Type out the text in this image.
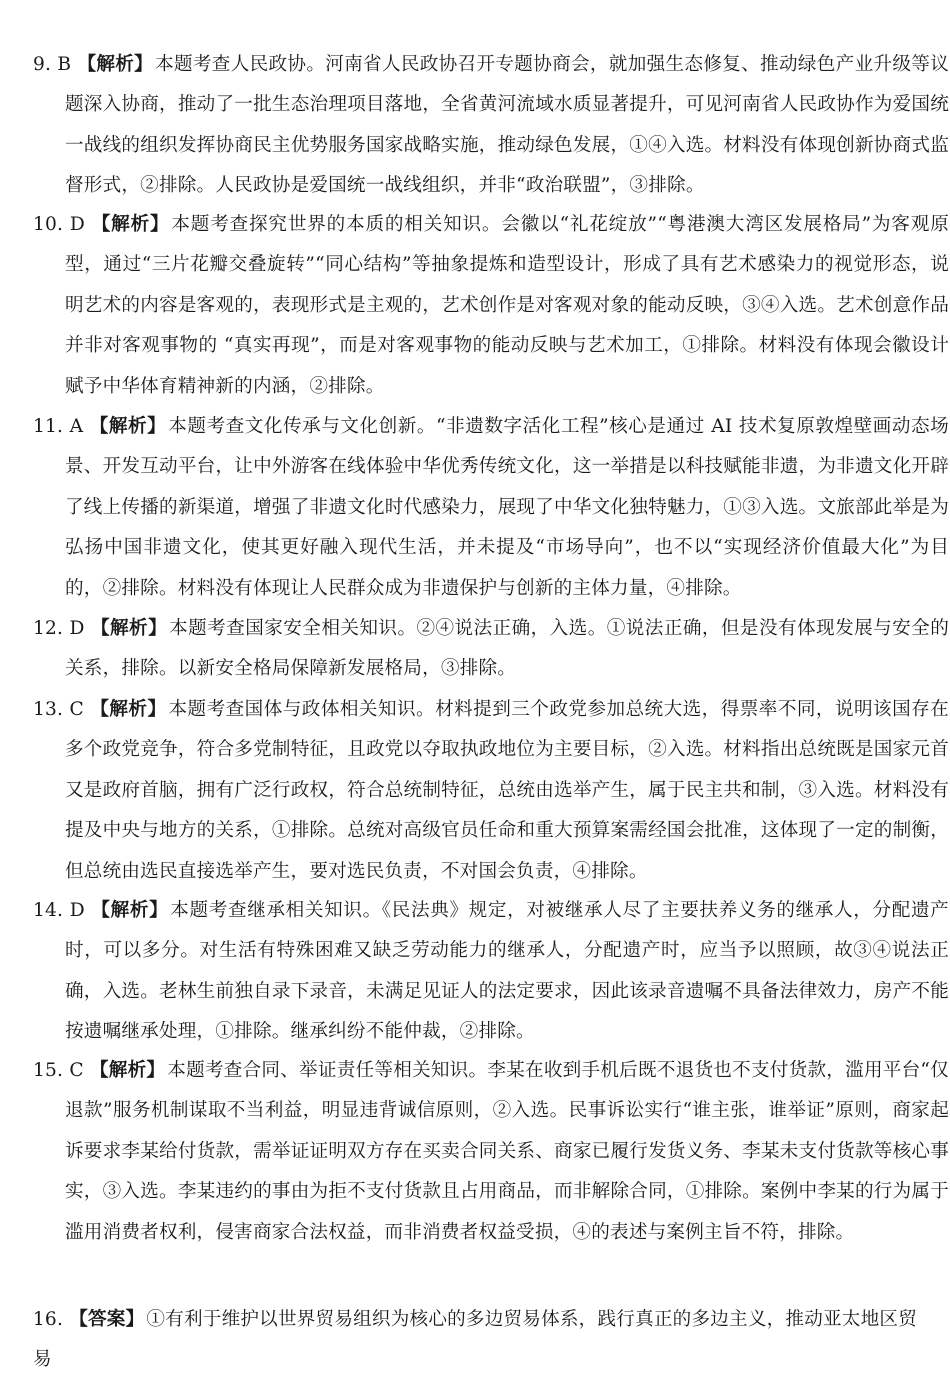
9. B 【解析】 本题考查人民政协。河南省人民政协召开专题协商会，就加强生态修复、推动绿色产业升级等议题深入协商，推动了一批生态治理项目落地，全省黄河流域水质显著提升，可见河南省人民政协作为爱国统一战线的组织发挥协商民主优势服务国家战略实施，推动绿色发展，①④入选。材料没有体现创新协商式监督形式，②排除。人民政协是爱国统一战线组织，并非“政治联盟”，③排除。
10. D 【解析】 本题考查探究世界的本质的相关知识。会徽以“礼花绽放”“粤港澳大湾区发展格局”为客观原型，通过“三片花瓣交叠旋转”“同心结构”等抽象提炼和造型设计，形成了具有艺术感染力的视觉形态，说明艺术的内容是客观的，表现形式是主观的，艺术创作是对客观对象的能动反映，③④入选。艺术创意作品并非对客观事物的 “真实再现”，而是对客观事物的能动反映与艺术加工，①排除。材料没有体现会徽设计赋予中华体育精神新的内涵，②排除。
11. A 【解析】 本题考查文化传承与文化创新。“非遗数字活化工程”核心是通过 AI 技术复原敦煌壁画动态场景、开发互动平台，让中外游客在线体验中华优秀传统文化，这一举措是以科技赋能非遗，为非遗文化开辟了线上传播的新渠道，增强了非遗文化时代感染力，展现了中华文化独特魅力，①③入选。文旅部此举是为弘扬中国非遗文化，使其更好融入现代生活，并未提及“市场导向”，也不以“实现经济价值最大化”为目的，②排除。材料没有体现让人民群众成为非遗保护与创新的主体力量，④排除。
12. D 【解析】 本题考查国家安全相关知识。②④说法正确，入选。①说法正确，但是没有体现发展与安全的关系，排除。以新安全格局保障新发展格局，③排除。
13. C 【解析】 本题考查国体与政体相关知识。材料提到三个政党参加总统大选，得票率不同，说明该国存在多个政党竞争，符合多党制特征，且政党以夺取执政地位为主要目标，②入选。材料指出总统既是国家元首又是政府首脑，拥有广泛行政权，符合总统制特征，总统由选举产生，属于民主共和制，③入选。材料没有提及中央与地方的关系，①排除。总统对高级官员任命和重大预算案需经国会批准，这体现了一定的制衡，但总统由选民直接选举产生，要对选民负责，不对国会负责，④排除。
14. D 【解析】 本题考查继承相关知识。《民法典》规定，对被继承人尽了主要扶养义务的继承人，分配遗产时，可以多分。对生活有特殊困难又缺乏劳动能力的继承人，分配遗产时，应当予以照顾，故③④说法正确，入选。老林生前独自录下录音，未满足见证人的法定要求，因此该录音遗嘱不具备法律效力，房产不能按遗嘱继承处理，①排除。继承纠纷不能仲裁，②排除。
15. C 【解析】 本题考查合同、举证责任等相关知识。李某在收到手机后既不退货也不支付货款，滥用平台“仅退款”服务机制谋取不当利益，明显违背诚信原则，②入选。民事诉讼实行“谁主张，谁举证”原则，商家起诉要求李某给付货款，需举证证明双方存在买卖合同关系、商家已履行发货义务、李某未支付货款等核心事实，③入选。李某违约的事由为拒不支付货款且占用商品，而非解除合同，①排除。案例中李某的行为属于滥用消费者权利，侵害商家合法权益，而非消费者权益受损，④的表述与案例主旨不符，排除。
16. 【答案】 ①有利于维护以世界贸易组织为核心的多边贸易体系，践行真正的多边主义，推动亚太地区贸易
